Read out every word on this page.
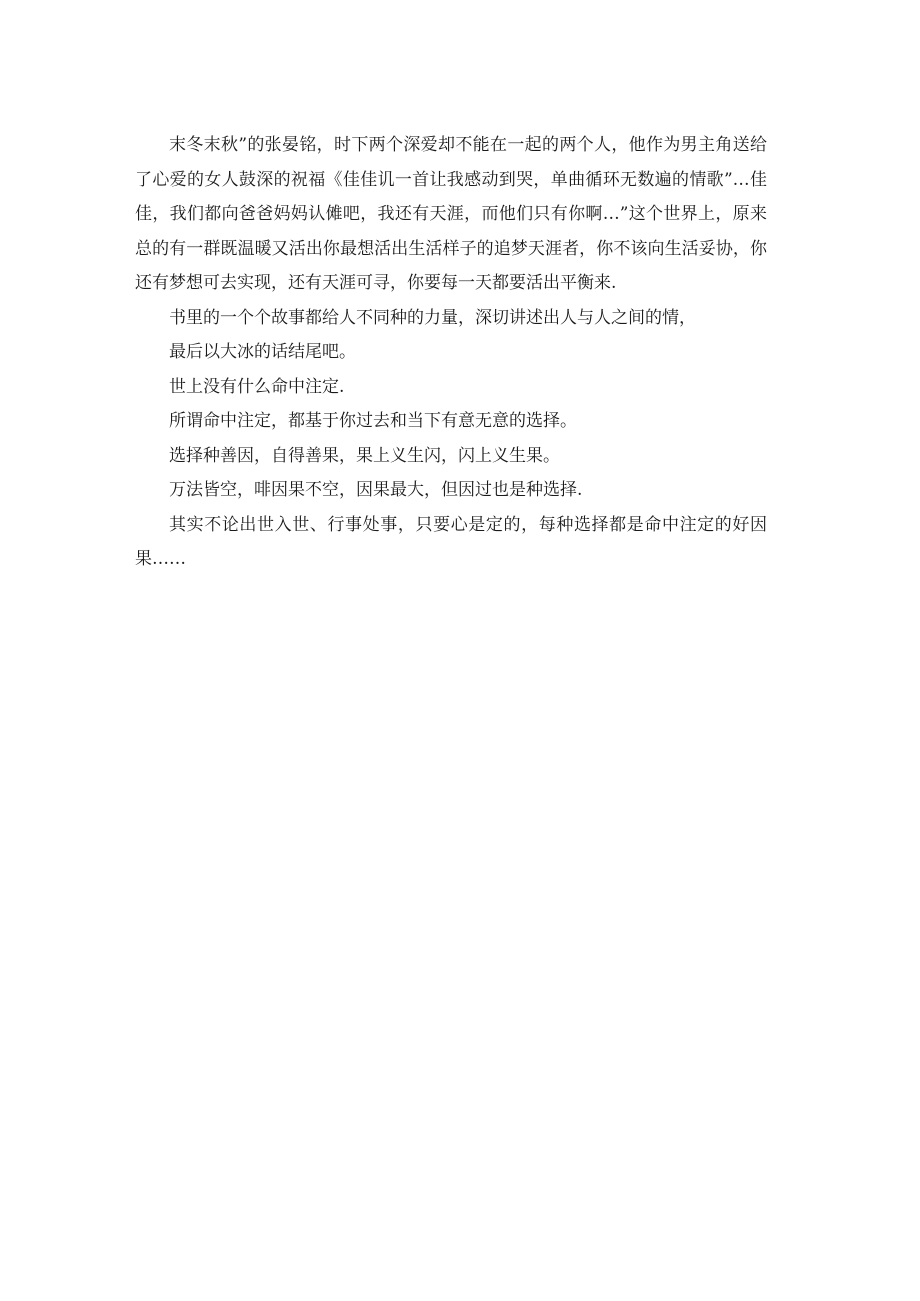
末冬末秋”的张晏铭，时下两个深爱却不能在一起的两个人，他作为男主角送给了心爱的女人鼓深的祝福《佳佳讥一首让我感动到哭，单曲循环无数遍的情歌”…佳佳，我们都向爸爸妈妈认傩吧，我还有天涯，而他们只有你啊…”这个世界上，原来总的有一群既温暖又活出你最想活出生活样子的追梦天涯者，你不该向生活妥协，你还有梦想可去实现，还有天涯可寻，你要每一天都要活出平衡来.

书里的一个个故事都给人不同种的力量，深切讲述出人与人之间的情，

最后以大冰的话结尾吧。

世上没有什么命中注定.

所谓命中注定，都基于你过去和当下有意无意的选择。

选择种善因，自得善果，果上义生闪，闪上义生果。

万法皆空，啡因果不空，因果最大，但因过也是种选择.

其实不论出世入世、行事处事，只要心是定的，每种选择都是命中注定的好因果……
